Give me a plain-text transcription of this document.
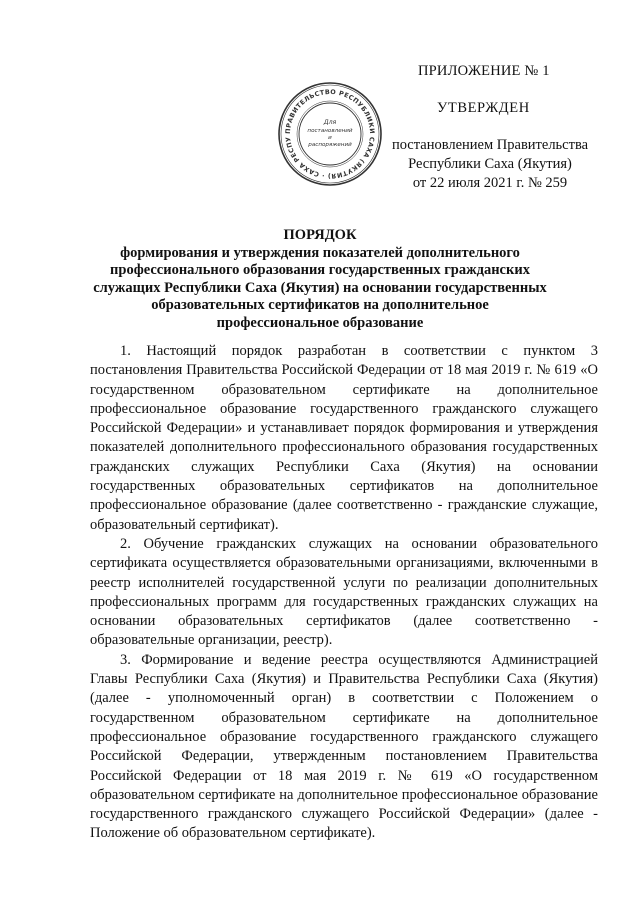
ПРИЛОЖЕНИЕ № 1
УТВЕРЖДЕН
постановлением Правительства
Республики Саха (Якутия)
от 22 июля 2021 г. № 259
ПРАВИТЕЛЬСТВО РЕСПУБЛИКИ САХА (ЯКУТИЯ) · САХА РЕСПУ
Для
постановлений
и
распоряжений
ПОРЯДОК
формирования и утверждения показателей дополнительного
профессионального образования государственных гражданских
служащих Республики Саха (Якутия) на основании государственных
образовательных сертификатов на дополнительное
профессиональное образование

1. Настоящий порядок разработан в соответствии с пунктом 3 постановления Правительства Российской Федерации от 18 мая 2019 г. № 619 «О государственном образовательном сертификате на дополнительное профессиональное образование государственного гражданского служащего Российской Федерации» и устанавливает порядок формирования и утверждения показателей дополнительного профессионального образования государственных гражданских служащих Республики Саха (Якутия) на основании государственных образовательных сертификатов на дополнительное профессиональное образование (далее соответственно - гражданские служащие, образовательный сертификат).

2. Обучение гражданских служащих на основании образовательного сертификата осуществляется образовательными организациями, включенными в реестр исполнителей государственной услуги по реализации дополнительных профессиональных программ для государственных гражданских служащих на основании образовательных сертификатов (далее соответственно - образовательные организации, реестр).

3. Формирование и ведение реестра осуществляются Администрацией Главы Республики Саха (Якутия) и Правительства Республики Саха (Якутия) (далее - уполномоченный орган) в соответствии с Положением о государственном образовательном сертификате на дополнительное профессиональное образование государственного гражданского служащего Российской Федерации, утвержденным постановлением Правительства Российской Федерации от 18 мая 2019 г. № 619 «О государственном образовательном сертификате на дополнительное профессиональное образование государственного гражданского служащего Российской Федерации» (далее - Положение об образовательном сертификате).
